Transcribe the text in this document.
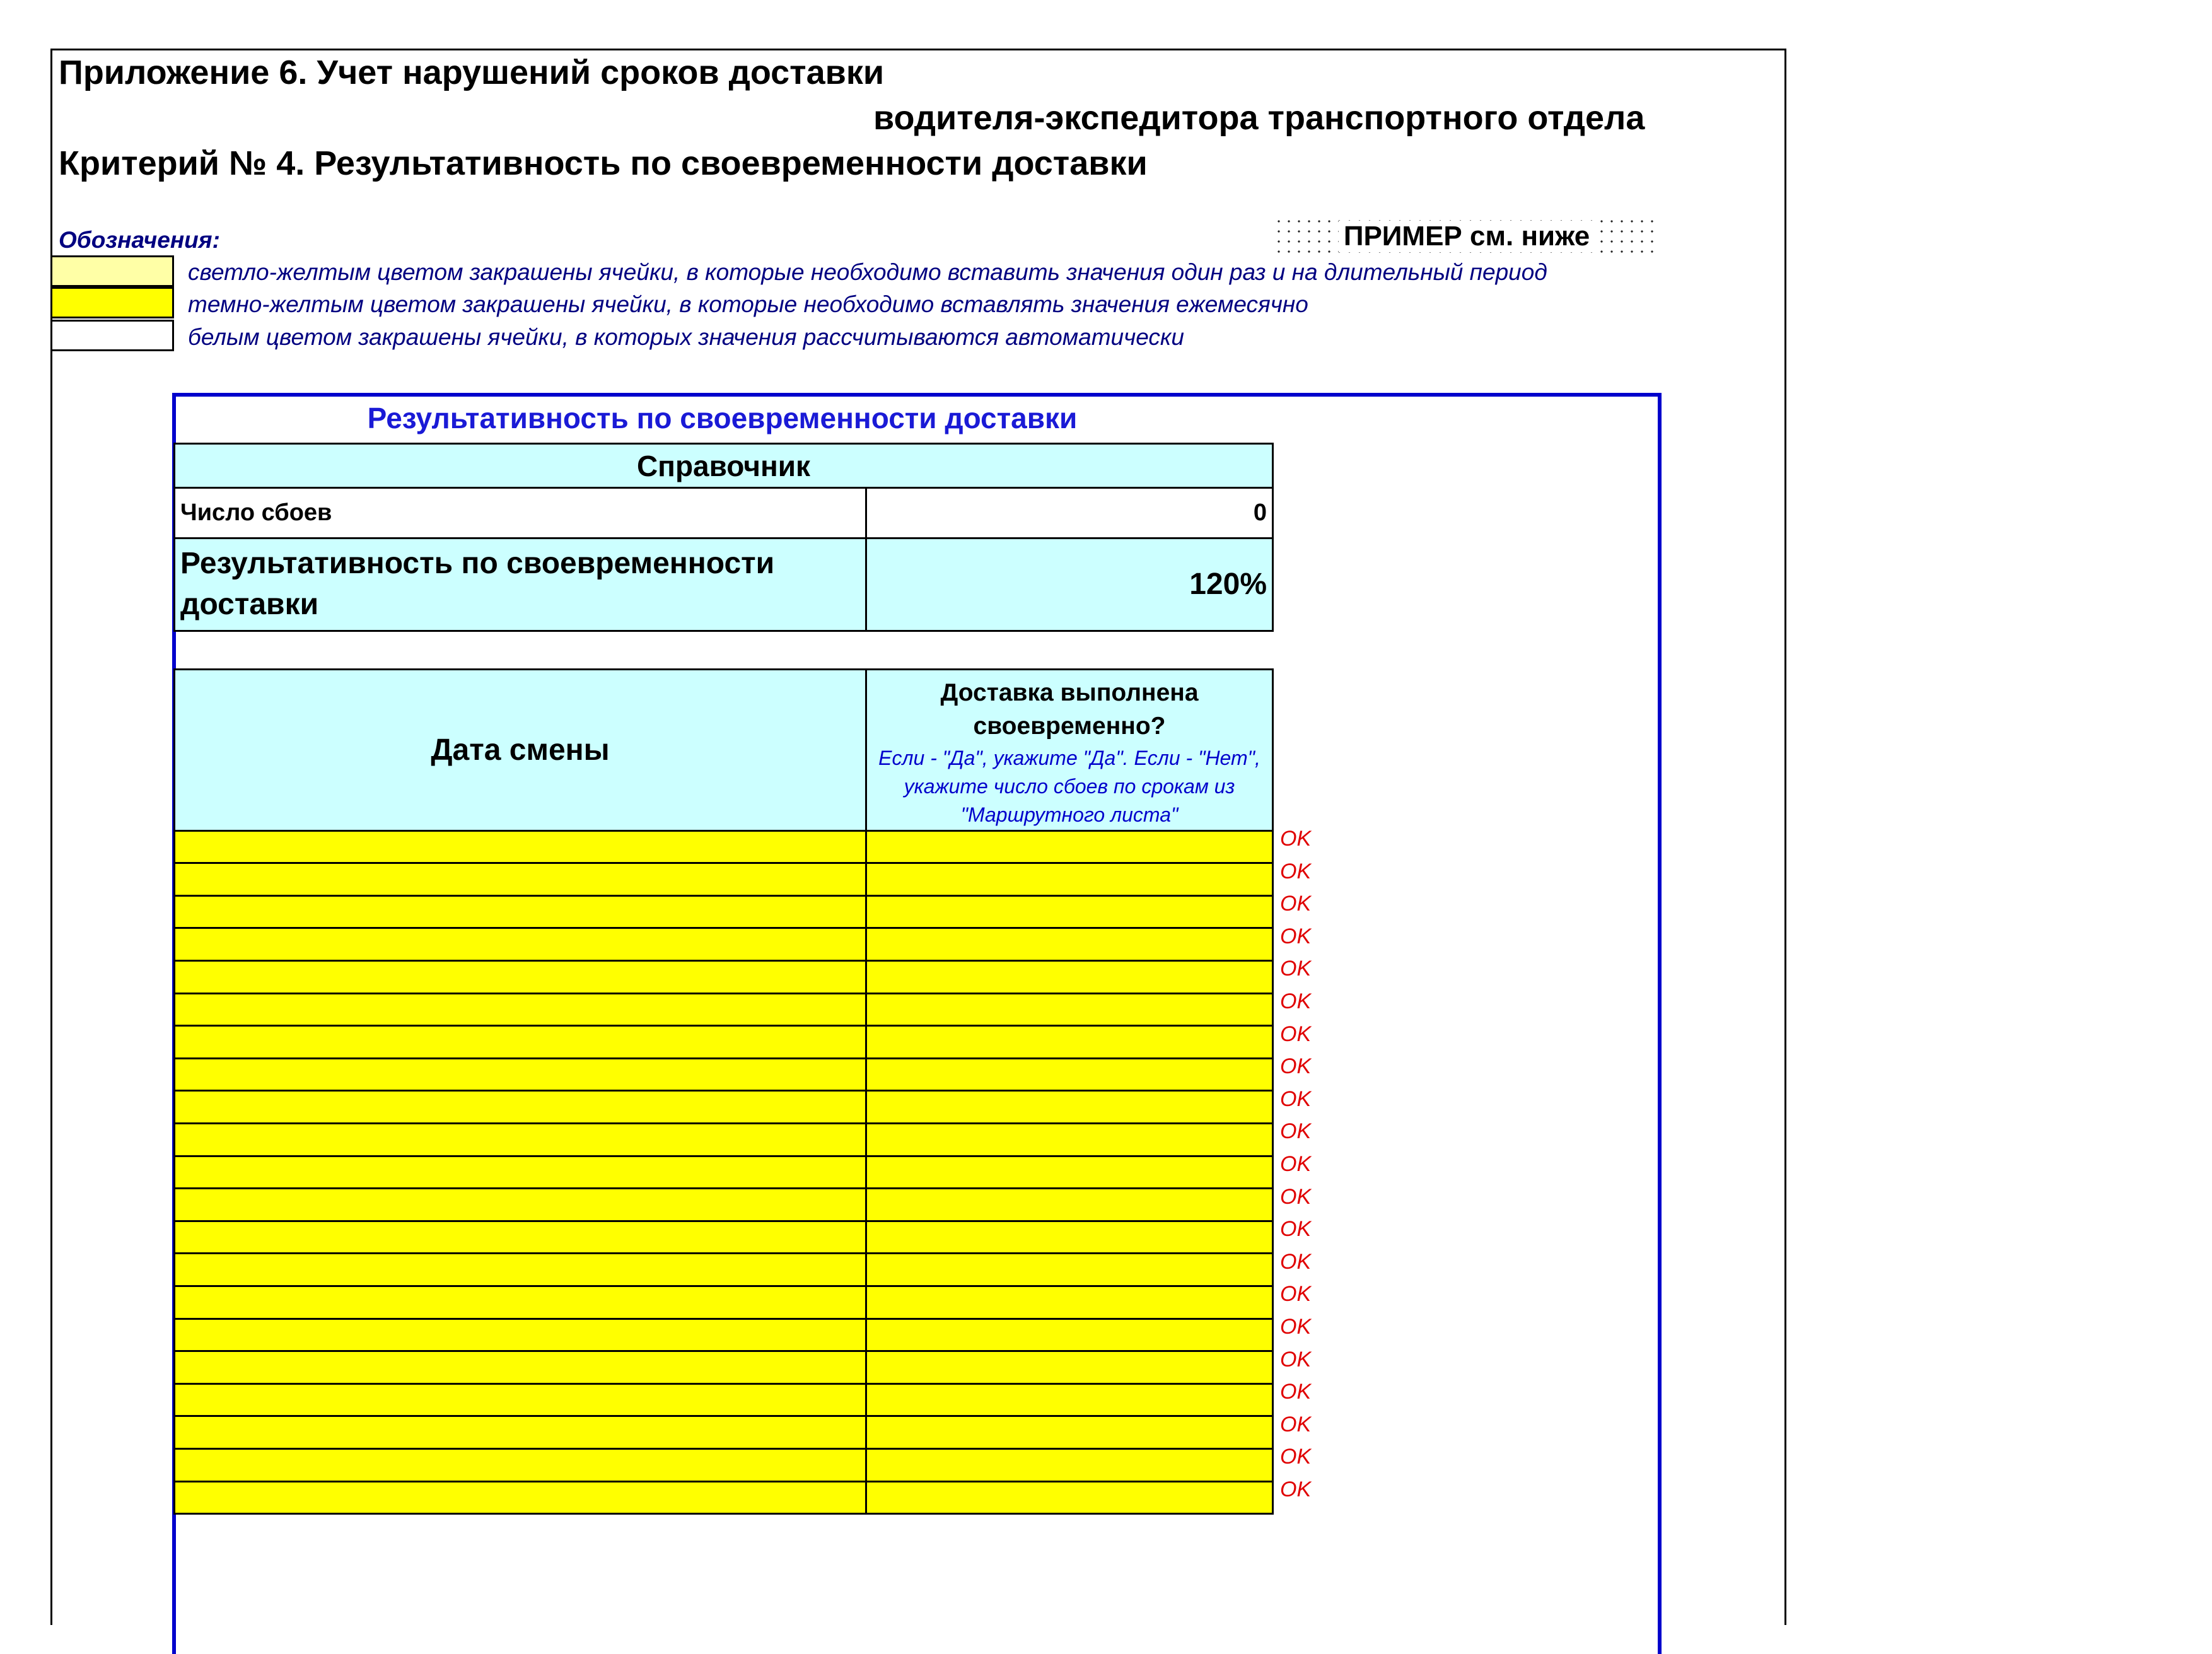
Приложение 6. Учет нарушений сроков доставки
водителя-экспедитора транспортного отдела
Критерий № 4. Результативность по своевременности доставки
Обозначения:	ПРИМЕР см. ниже
светло-желтым цветом закрашены ячейки, в которые необходимо вставить значения один раз и на длительный период
темно-желтым цветом закрашены ячейки, в которые необходимо вставлять значения ежемесячно
белым цветом закрашены ячейки, в которых значения рассчитываются автоматически
Результативность по своевременности доставки
Справочник	
Число сбоев	0
Результативность по своевременности доставки	120%
Дата смены	Доставка выполнена своевременно?
Если - "Да", укажите "Да". Если - "Нет", укажите число сбоев по срокам из "Маршрутного листа"

OK
OK
OK
OK
OK
OK
OK
OK
OK
OK
OK
OK
OK
OK
OK
OK
OK
OK
OK
OK
OK
